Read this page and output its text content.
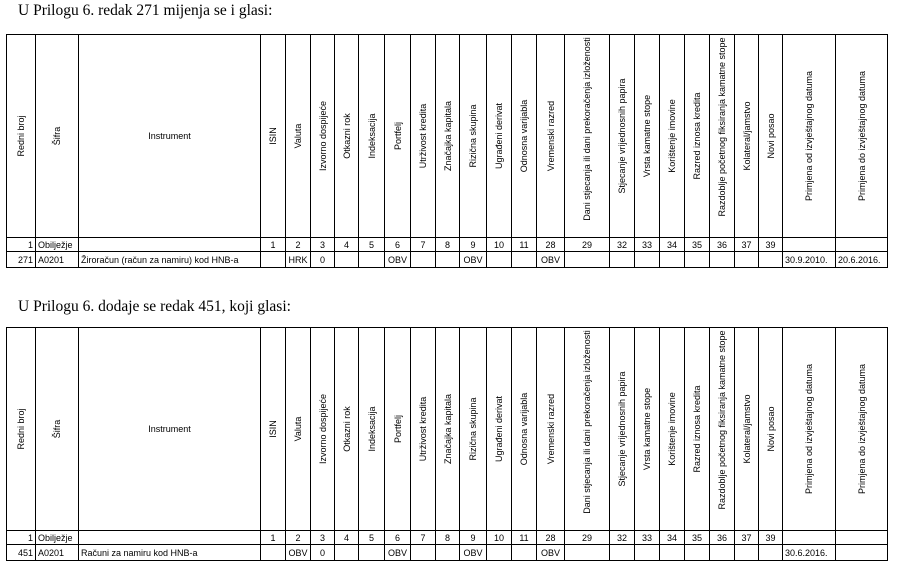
U Prilogu 6. redak 271 mijenja se i glasi:
Redni broj	Šifra	Instrument	ISIN	Valuta	Izvorno dospijeće	Otkazni rok	Indeksacija	Portfelj	Utrživost kredita	Značajka kapitala	Rizična skupina	Ugrađeni derivat	Odnosna varijabla	Vremenski razred	Dani stjecanja ili dani prekoračenja izloženosti	Stjecanje vrijednosnih papira	Vrsta kamatne stope	Korištenje imovine	Razred iznosa kredita	Razdoblje početnog fiksiranja kamatne stope	Kolateral/jamstvo	Novi posao	Primjena od izvještajnog datuma	Primjena do izvještajnog datuma

1	Obilježje		1	2	3	4	5	6	7	8	9	10	11	28	29	32	33	34	35	36	37	39		
271	A0201	Žiroračun (račun za namiru) kod HNB-a		HRK	0			OBV			OBV			OBV									30.9.2010.	20.6.2016.
U Prilogu 6. dodaje se redak 451, koji glasi:
Redni broj	Šifra	Instrument	ISIN	Valuta	Izvorno dospijeće	Otkazni rok	Indeksacija	Portfelj	Utrživost kredita	Značajka kapitala	Rizična skupina	Ugrađeni derivat	Odnosna varijabla	Vremenski razred	Dani stjecanja ili dani prekoračenja izloženosti	Stjecanje vrijednosnih papira	Vrsta kamatne stope	Korištenje imovine	Razred iznosa kredita	Razdoblje početnog fiksiranja kamatne stope	Kolateral/jamstvo	Novi posao	Primjena od izvještajnog datuma	Primjena do izvještajnog datuma

1	Obilježje		1	2	3	4	5	6	7	8	9	10	11	28	29	32	33	34	35	36	37	39		
451	A0201	Računi za namiru kod HNB-a		OBV	0			OBV			OBV			OBV									30.6.2016.	
